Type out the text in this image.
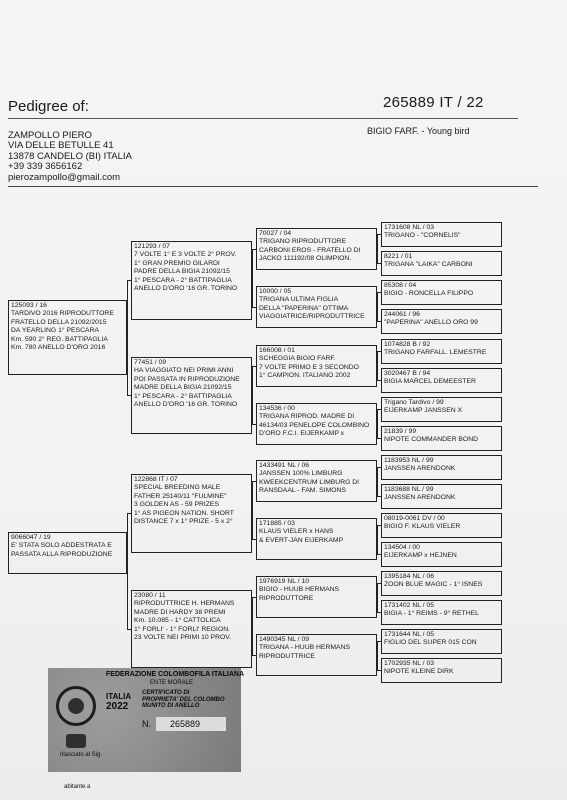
Pedigree of:	265889 IT / 22
BIGIO FARF. - Young bird
ZAMPOLLO PIERO
VIA DELLE BETULLE 41
13878 CANDELO (BI) ITALIA
+39 339 3656162
pierozampollo@gmail.com
125093 / 16
TARDIVO 2016 RIPRODUTTORE
FRATELLO DELLA 21092/2015
DA YEARLING 1° PESCARA
Km. 590 2° REG. BATTIPAGLIA
Km. 780 ANELLO D'ORO 2016
9066047 / 19
E' STATA SOLO ADDESTRATA E
PASSATA ALLA RIPRODUZIONE
121293 / 07
7 VOLTE 1° E 3 VOLTE 2° PROV.
1° GRAN PREMIO GILARDI
PADRE DELLA BIGIA 21092/15
1° PESCARA - 2° BATTIPAGLIA
ANELLO D'ORO '16 GR. TORINO
77451 / 09
HA VIAGGIATO NEI PRIMI ANNI
POI PASSATA IN RIPRODUZIONE
MADRE DELLA BIGIA 21092/15
1° PESCARA - 2° BATTIPAGLIA
ANELLO D'ORO '16 GR. TORINO
122868 IT / 07
SPECIAL BREEDING MALE
FATHER 25140/11 "FULMINE"
3 GOLDEN AS - 59 PRIZES
1° AS PIGEON NATION. SHORT
DISTANCE 7 x 1° PRIZE - 5 x 2°
23080 / 11
RIPRODUTTRICE H. HERMANS
MADRE DI HARDY 38 PREMI
Km. 10.085 - 1° CATTOLICA
1° FORLI' - 1° FORLI' REGION.
23 VOLTE NEI PRIMI 10 PROV.
70027 / 04
TRIGANO RIPRODUTTORE
CARBONI EROS - FRATELLO DI
JACKO 111192/08 OLIMPION.
10000 / 05
TRIGANA ULTIMA FIGLIA
DELLA "PAPERINA" OTTIMA
VIAGGIATRICE/RIPRODUTTRICE
166008 / 01
SCHEGGIA BIGIO FARF.
7 VOLTE PRIMO E 3 SECONDO
1° CAMPION. ITALIANO 2002
134536 / 00
TRIGANA RIPROD. MADRE DI
46134/03 PENELOPE COLOMBINO
D'ORO F.C.I. EIJERKAMP x
1433491 NL / 06
JANSSEN 100% LIMBURG
KWEEKCENTRUM LIMBURG DI
RANSDAAL - FAM. SIMONS
171885 / 03
KLAUS VIELER x HANS
& EVERT-JAN EIJERKAMP
1976919 NL / 10
BIGIO - HUUB HERMANS
RIPRODUTTORE
1490345 NL / 09
TRIGANA - HUUB HERMANS
RIPRODUTTRICE
1731608 NL / 03
TRIGANO - "CORNELIS"
8221 / 01
TRIGANA "LAIKA" CARBONI
85308 / 04
BIGIO - RONCELLA FILIPPO
244061 / 96
"PAPERINA" ANELLO ORO 99
1074828 B / 92
TRIGANO FARFALL. LEMESTRE
3020467 B / 94
BIGIA MARCEL DEMEESTER
Trigano Tardivo / 99
EIJERKAMP JANSSEN X
21839 / 99
NIPOTE COMMANDER BOND
1183953 NL / 99
JANSSEN ARENDONK
1183688 NL / 99
JANSSEN ARENDONK
08019-0061 DV / 00
BIGIO F. KLAUS VIELER
134504 / 00
EIJERKAMP x HEJNEN
1395184 NL / 06
ZOON BLUE MAGIC - 1° ISNES
1731402 NL / 05
BIGIA - 1° REIMS - 9° RETHEL
1731644 NL / 05
FIGLIO DEL SUPER 015 CON
1702935 NL / 03
NIPOTE KLEINE DIRK
FEDERAZIONE COLOMBOFILA ITALIANA
ENTE MORALE
ITALIA
2022
CERTIFICATO DI
PROPRIETA' DEL COLOMBO
MUNITO DI ANELLO
N.	265889
rilasciato al Sig.
abitante a
